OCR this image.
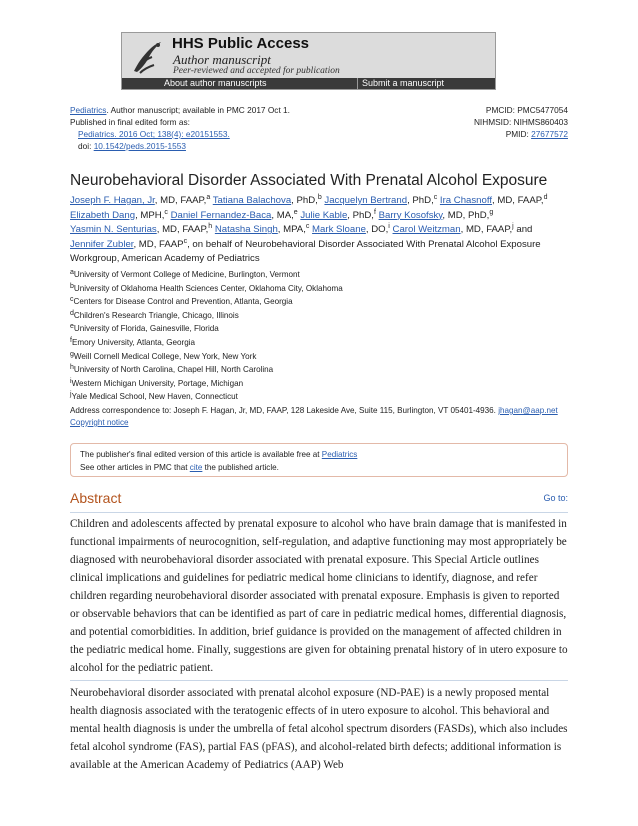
HHS Public Access
Author manuscript
Peer-reviewed and accepted for publication
About author manuscripts	Submit a manuscript
Pediatrics. Author manuscript; available in PMC 2017 Oct 1.
Published in final edited form as:
Pediatrics. 2016 Oct; 138(4): e20151553.
doi: 10.1542/peds.2015-1553
PMCID: PMC5477054
NIHMSID: NIHMS860403
PMID: 27677572
Neurobehavioral Disorder Associated With Prenatal Alcohol Exposure
Joseph F. Hagan, Jr, MD, FAAP,$^a$ Tatiana Balachova, PhD,$^b$ Jacquelyn Bertrand, PhD,$^c$ Ira Chasnoff, MD, FAAP,$^d$
Elizabeth Dang, MPH,$^c$ Daniel Fernandez-Baca, MA,$^e$ Julie Kable, PhD,$^f$ Barry Kosofsky, MD, PhD,$^g$
Yasmin N. Senturias, MD, FAAP,$^h$ Natasha Singh, MPA,$^c$ Mark Sloane, DO,$^i$ Carol Weitzman, MD, FAAP,$^j$ and
Jennifer Zubler, MD, FAAP$^c$, on behalf of Neurobehavioral Disorder Associated With Prenatal Alcohol Exposure Workgroup, American Academy of Pediatrics
$^a$University of Vermont College of Medicine, Burlington, Vermont
$^b$University of Oklahoma Health Sciences Center, Oklahoma City, Oklahoma
$^c$Centers for Disease Control and Prevention, Atlanta, Georgia
$^d$Children's Research Triangle, Chicago, Illinois
$^e$University of Florida, Gainesville, Florida
$^f$Emory University, Atlanta, Georgia
$^g$Weill Cornell Medical College, New York, New York
$^h$University of North Carolina, Chapel Hill, North Carolina
$^i$Western Michigan University, Portage, Michigan
$^j$Yale Medical School, New Haven, Connecticut
Address correspondence to: Joseph F. Hagan, Jr, MD, FAAP, 128 Lakeside Ave, Suite 115, Burlington, VT 05401-4936. jhagan@aap.net
Copyright notice
The publisher's final edited version of this article is available free at Pediatrics
See other articles in PMC that cite the published article.
Abstract	Go to:
Children and adolescents affected by prenatal exposure to alcohol who have brain damage that is manifested in functional impairments of neurocognition, self-regulation, and adaptive functioning may most appropriately be diagnosed with neurobehavioral disorder associated with prenatal exposure. This Special Article outlines clinical implications and guidelines for pediatric medical home clinicians to identify, diagnose, and refer children regarding neurobehavioral disorder associated with prenatal exposure. Emphasis is given to reported or observable behaviors that can be identified as part of care in pediatric medical homes, differential diagnosis, and potential comorbidities. In addition, brief guidance is provided on the management of affected children in the pediatric medical home. Finally, suggestions are given for obtaining prenatal history of in utero exposure to alcohol for the pediatric patient.
Neurobehavioral disorder associated with prenatal alcohol exposure (ND-PAE) is a newly proposed mental health diagnosis associated with the teratogenic effects of in utero exposure to alcohol. This behavioral and mental health diagnosis is under the umbrella of fetal alcohol spectrum disorders (FASDs), which also includes fetal alcohol syndrome (FAS), partial FAS (pFAS), and alcohol-related birth defects; additional information is available at the American Academy of Pediatrics (AAP) Web
